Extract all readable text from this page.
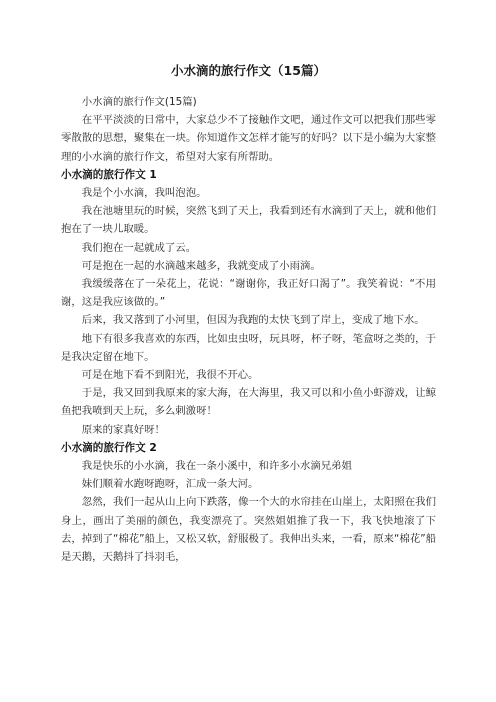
小水滴的旅行作文（15篇）

小水滴的旅行作文(15篇)

在平平淡淡的日常中，大家总少不了接触作文吧，通过作文可以把我们那些零零散散的思想，聚集在一块。你知道作文怎样才能写的好吗？以下是小编为大家整理的小水滴的旅行作文，希望对大家有所帮助。

小水滴的旅行作文 1

我是个小水滴，我叫泡泡。

我在池塘里玩的时候，突然飞到了天上，我看到还有水滴到了天上，就和他们抱在了一块儿取暖。

我们抱在一起就成了云。

可是抱在一起的水滴越来越多，我就变成了小雨滴。

我缓缓落在了一朵花上，花说：“谢谢你，我正好口渴了”。我笑着说：“不用谢，这是我应该做的。”

后来，我又落到了小河里，但因为我跑的太快飞到了岸上，变成了地下水。

地下有很多我喜欢的东西，比如虫虫呀，玩具呀，杯子呀，笔盒呀之类的，于是我决定留在地下。

可是在地下看不到阳光，我很不开心。

于是，我又回到我原来的家大海，在大海里，我又可以和小鱼小虾游戏，让鲸鱼把我喷到天上玩，多么刺激呀！

原来的家真好呀！

小水滴的旅行作文 2

我是快乐的小水滴，我在一条小溪中，和许多小水滴兄弟姐

妹们顺着水跑呀跑呀，汇成一条大河。

忽然，我们一起从山上向下跌落，像一个大的水帘挂在山崖上，太阳照在我们身上，画出了美丽的颜色，我变漂亮了。突然姐姐推了我一下，我飞快地滚了下去，掉到了“棉花”船上，又松又软，舒服极了。我伸出头来，一看，原来“棉花”船是天鹅，天鹅抖了抖羽毛，
